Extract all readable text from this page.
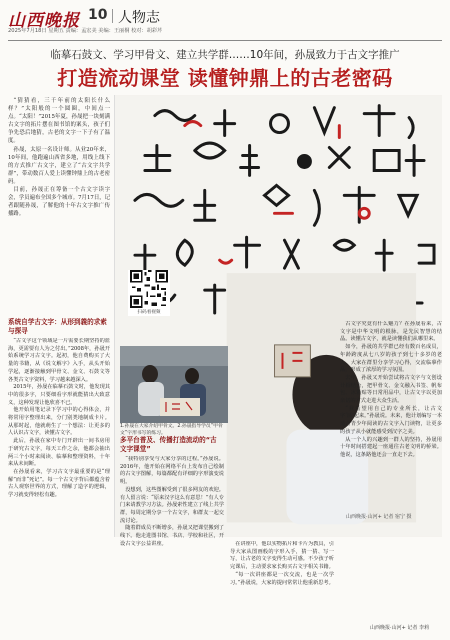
山西晚报 10 人物志
2025年7月18日 星期五 责编：孟宏美 美编：王丽桐 校对：胡彩芹
临摹石鼓文、学习甲骨文、建立共学群……10年间，孙晟致力于古文字推广
打造流动课堂 读懂钟鼎上的古老密码

“猜猜看，三千年前的太阳长什么样？”太阳般的一个圆圈，中间点一点。“太阳！”2015年夏，孙晟把一块刻满古文字的拓片摆在图书馆的案头，孩子们争先恐后地猜，古老的文字一下子有了温度。

孙晟，太原一名设计师。从业20年来，10年间，他跑遍山西省多地，用线上线下的方式推广古文字，建立了“古文字共学群”，带动数百人爱上读懂钟鼎上的古老密码。

目前，孙晟正在筹备一个古文字读字会，学员遍布全国多个城市。7月17日，记者跟随孙晟，了解他的十年古文字推广传播路。

扫码看视频
山西晚报·山河+ 记者 宿宁 摄
系统自学古文字：从形到義的求索与探寻

“古文字这个领域是一片需要长期坚持的蓝海，更需要有人为之付出。”2008年，孙晟开始系统学习古文字。起初，他自费购买了大量的书籍，从《说文解字》入手，从头开始学起，逐渐接触到甲骨文、金文、石鼓文等各类古文字资料，学习越来越深入。

2015年，孙晟在临摹石鼓文时，他发现其中的很多字，只要细看字形就能猜出大致意义，这种发现让他欣喜不已。

他开始用笔记录下学习中的心得体会，并将常用字整理出来，分门别类地制成卡片。从那时起，他就萌生了一个想法：让更多的人认识古文字，读懂古文字。

此后，孙晟在家中专门开辟出一间书房用于研究古文字，每天工作之余，他都会抽出两三个小时来阅读、临摹和整理资料，十年来从未间断。

在孙晟看来，学习古文字最重要的是“理解”而非“死记”。每一个古文字背后都蕴含着古人观察世界的方式，理解了造字的逻辑，学习就变得轻松有趣。

1.孙晟在大家介绍甲骨文。2.孙晟指导学员“甲骨文”字形书写的练习。
多平台普及、传播打造流动的“古文字课堂”

“我特别享受与大家分享的过程。”孙晟说。2016年，他开始在网络平台上发布自己绘制的古文字图解，每篇都配有详细的字形演变说明。

没想到，这些图解受到了很多网友的欢迎。有人留言说：“原来汉字这么有意思！”有人专门来请教学习方法。孙晟索性建立了线上共学群，每周定期分享一个古文字，和群友一起交流讨论。

随着群成员不断增多，孙晟又把课堂搬到了线下。他走进图书馆、书店、学校和社区，开设古文字公益讲座。	在讲座中，他以实物拓片和卡片为教具，引导大家从图画般的字形入手，猜一猜、写一写，让古老的文字变得生动可感。不少孩子听完课后，主动要求家长购买古文字相关书籍。

“每一次讲座都是一次交流，也是一次学习。”孙晟说，大家的提问常常让他重新思考。

古文字究竟有什么魅力？在孙晟看来，古文字是中华文明的根脉，是先民智慧的结晶。读懂古文字，就是读懂我们从哪里来。

如今，孙晟的共学群已经有数百名成员，年龄跨度从七八岁的孩子到七十多岁的老人。大家在群里分享学习心得，交流临摹作品，形成了浓厚的学习氛围。

去年，孙晟又开始尝试将古文字与文创设计相结合，把甲骨文、金文融入书签、帆布包、冰箱贴等日常用品中，让古文字以更加亲切的方式走进大众生活。

“我希望用自己的专业所长，让古文字‘活’起来。”孙晟说。未来，他计划编写一本适合青少年阅读的古文字入门读物，让更多的孩子从小就能感受到汉字之美。

从一个人的兴趣到一群人的坚持，孙晟用十年时间搭建起一座通往古老文明的桥梁。他说，这条路他还会一直走下去。

山西晚报·山河+ 记者 李莉
